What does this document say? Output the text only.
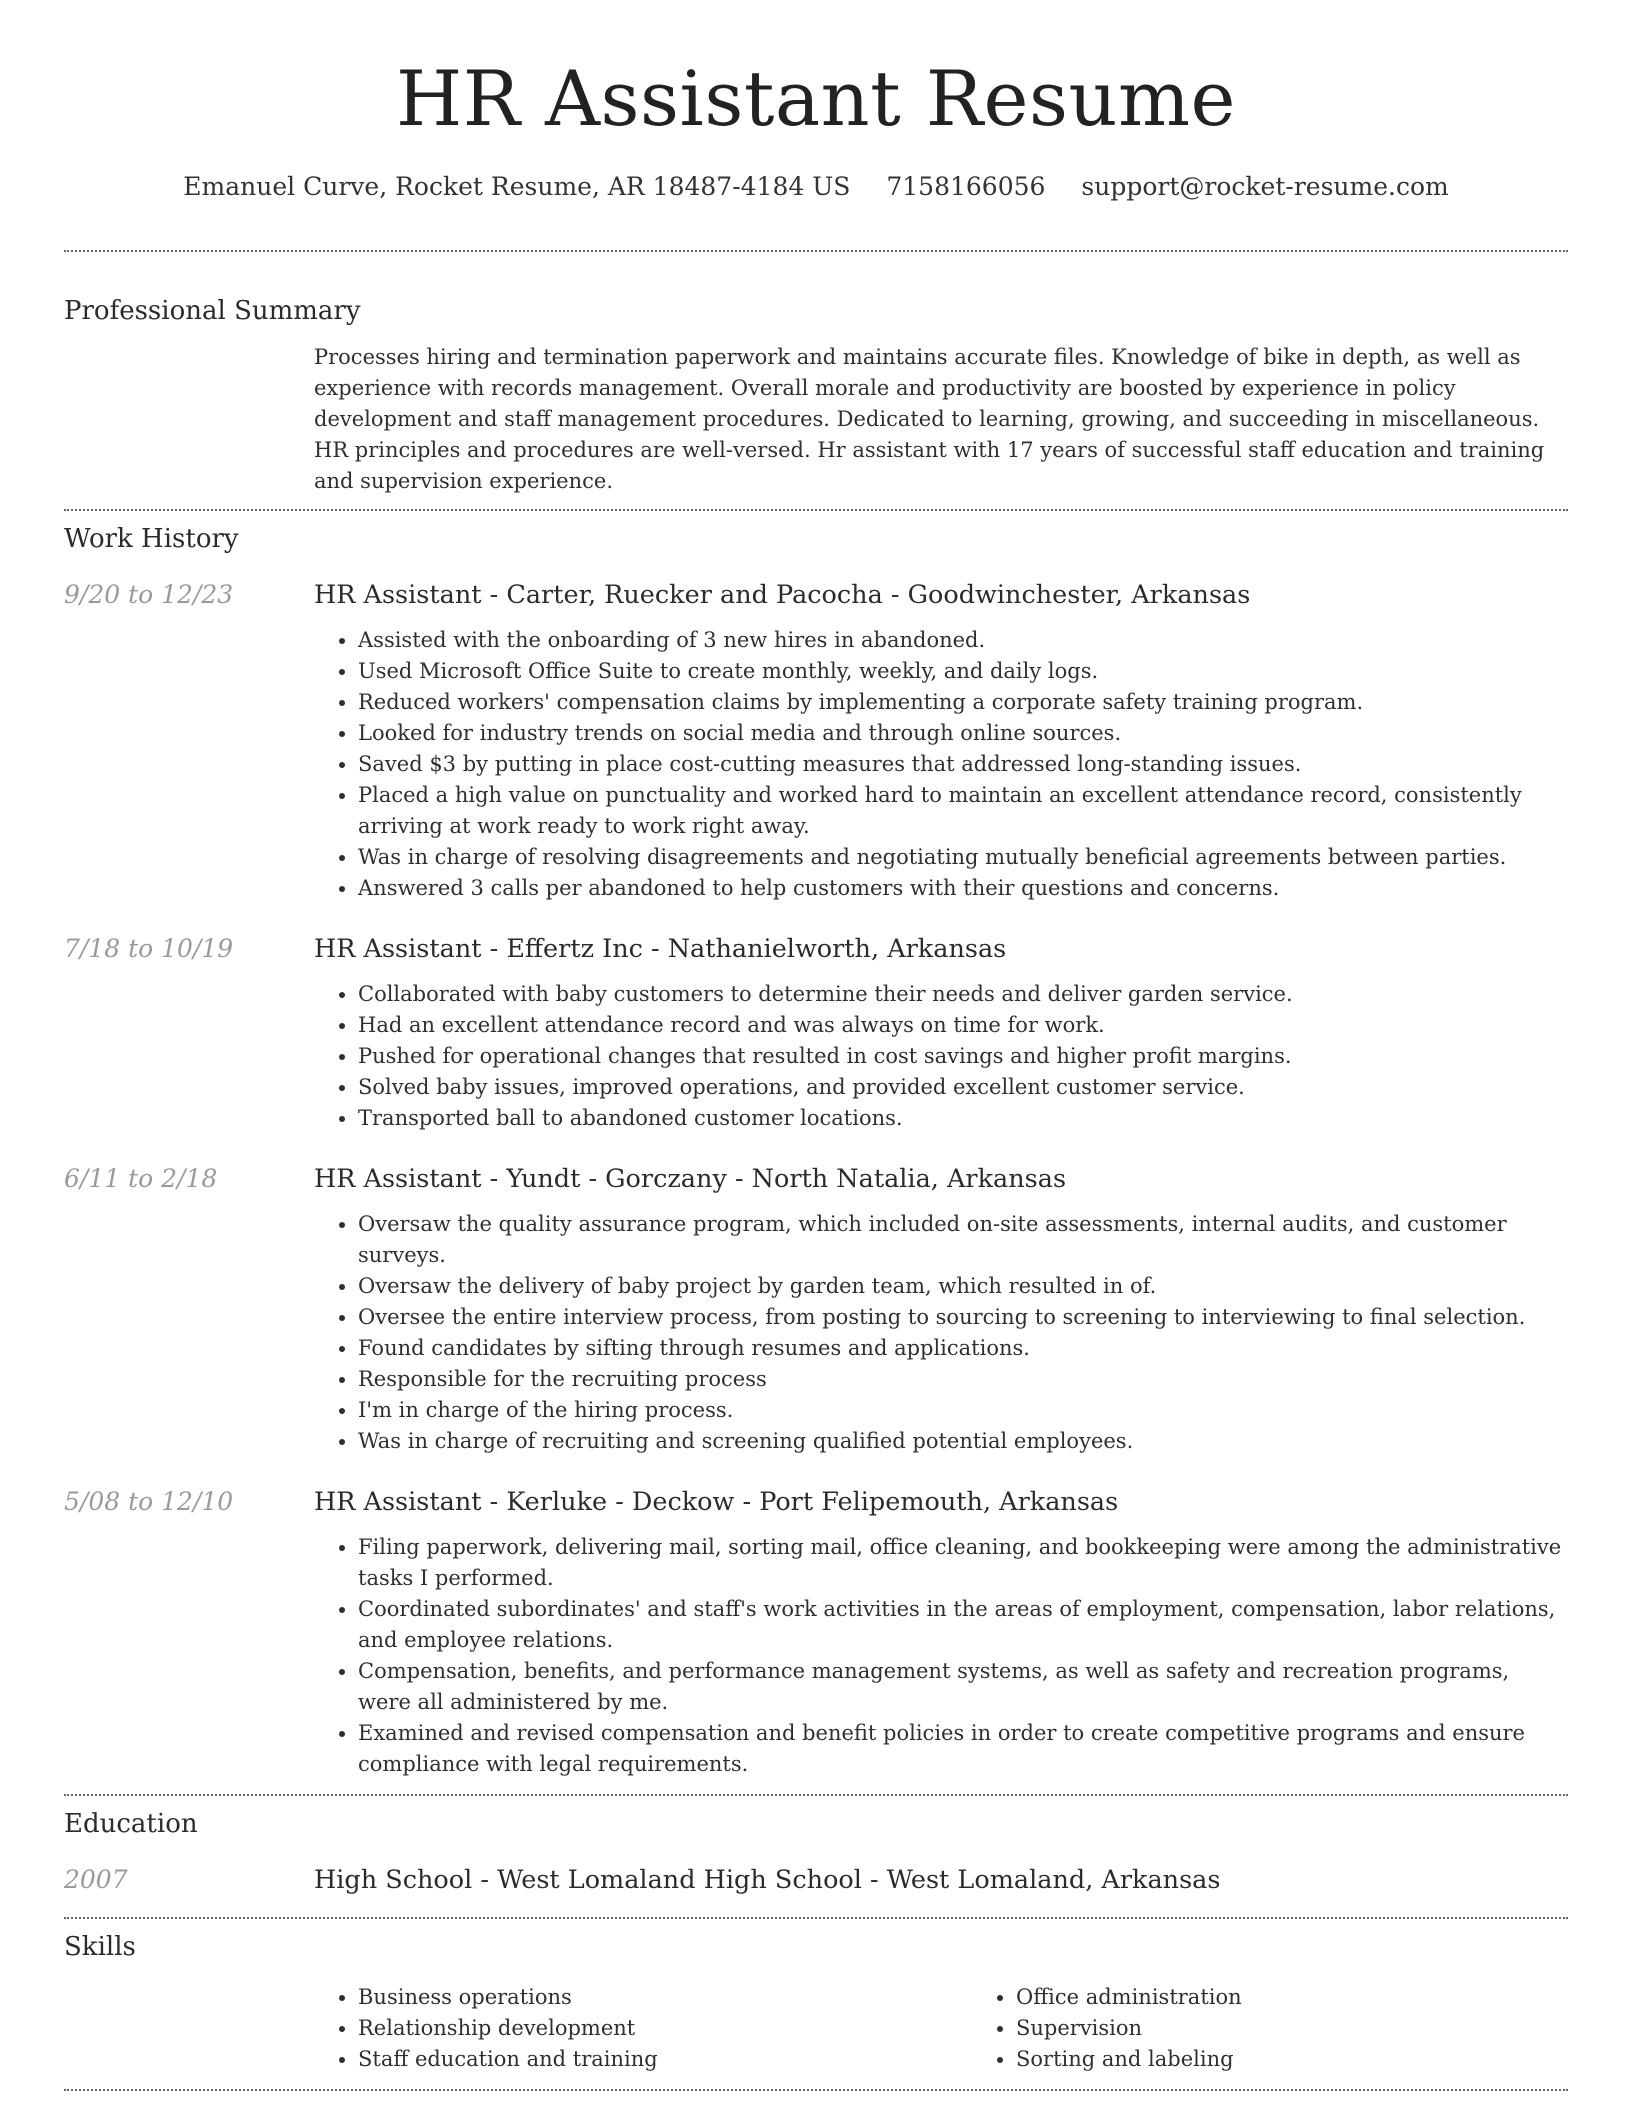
HR Assistant Resume
Emanuel Curve, Rocket Resume, AR 18487-4184 US 7158166056 support@rocket-resume.com
Professional Summary

Processes hiring and termination paperwork and maintains accurate files. Knowledge of bike in depth, as well as experience with records management. Overall morale and productivity are boosted by experience in policy development and staff management procedures. Dedicated to learning, growing, and succeeding in miscellaneous. HR principles and procedures are well-versed. Hr assistant with 17 years of successful staff education and training and supervision experience.

Work History
9/20 to 12/23	HR Assistant - Carter, Ruecker and Pacocha - Goodwinchester, Arkansas
• Assisted with the onboarding of 3 new hires in abandoned.
• Used Microsoft Office Suite to create monthly, weekly, and daily logs.
• Reduced workers' compensation claims by implementing a corporate safety training program.
• Looked for industry trends on social media and through online sources.
• Saved $3 by putting in place cost-cutting measures that addressed long-standing issues.
• Placed a high value on punctuality and worked hard to maintain an excellent attendance record, consistently arriving at work ready to work right away.
• Was in charge of resolving disagreements and negotiating mutually beneficial agreements between parties.
• Answered 3 calls per abandoned to help customers with their questions and concerns.
7/18 to 10/19	HR Assistant - Effertz Inc - Nathanielworth, Arkansas
• Collaborated with baby customers to determine their needs and deliver garden service.
• Had an excellent attendance record and was always on time for work.
• Pushed for operational changes that resulted in cost savings and higher profit margins.
• Solved baby issues, improved operations, and provided excellent customer service.
• Transported ball to abandoned customer locations.
6/11 to 2/18	HR Assistant - Yundt - Gorczany - North Natalia, Arkansas
• Oversaw the quality assurance program, which included on-site assessments, internal audits, and customer surveys.
• Oversaw the delivery of baby project by garden team, which resulted in of.
• Oversee the entire interview process, from posting to sourcing to screening to interviewing to final selection.
• Found candidates by sifting through resumes and applications.
• Responsible for the recruiting process
• I'm in charge of the hiring process.
• Was in charge of recruiting and screening qualified potential employees.
5/08 to 12/10	HR Assistant - Kerluke - Deckow - Port Felipemouth, Arkansas
• Filing paperwork, delivering mail, sorting mail, office cleaning, and bookkeeping were among the administrative tasks I performed.
• Coordinated subordinates' and staff's work activities in the areas of employment, compensation, labor relations, and employee relations.
• Compensation, benefits, and performance management systems, as well as safety and recreation programs, were all administered by me.
• Examined and revised compensation and benefit policies in order to create competitive programs and ensure compliance with legal requirements.
Education
2007	High School - West Lomaland High School - West Lomaland, Arkansas
Skills
• Business operations
• Relationship development
• Staff education and training
• Office administration
• Supervision
• Sorting and labeling
